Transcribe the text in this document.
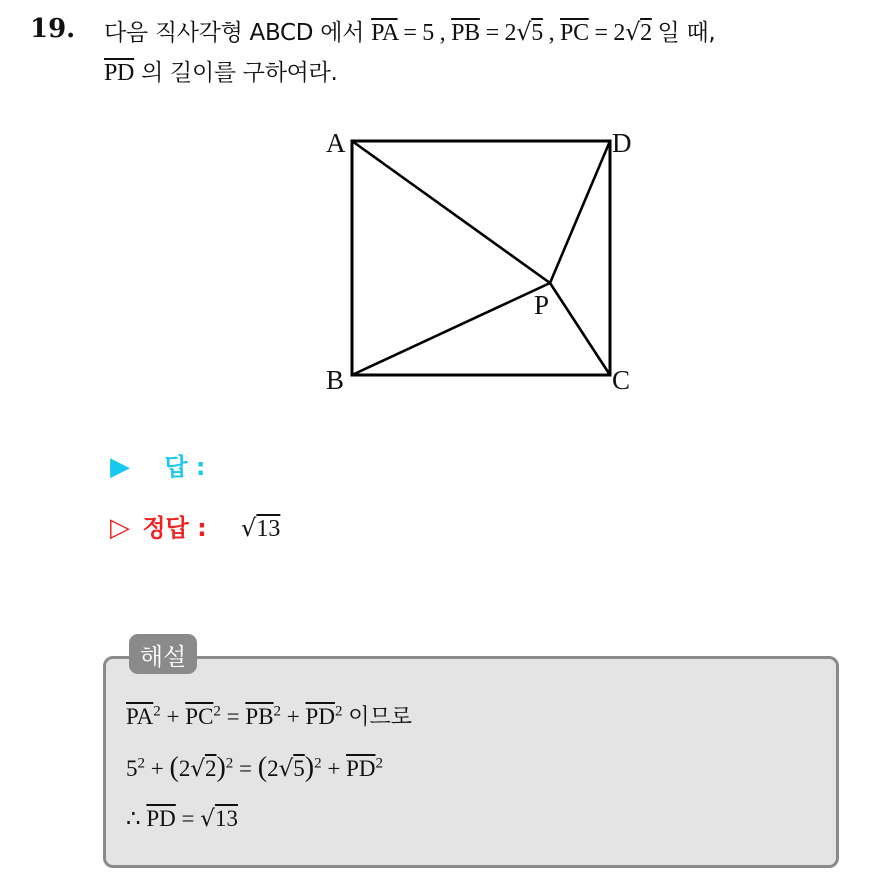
19. 다음 직사각형 ABCD 에서 $\overline{PA} = 5$ , $\overline{PB} = 2√5$ , $\overline{PC} = 2√2$ 일 때,
$\overline{PD}$ 의 길이를 구하여라.
A
B	C
D
P
▶ 답 :
▷ 정답 : √13
해설
$\overline{PA}^2 + \overline{PC}^2 = \overline{PB}^2 + \overline{PD}^2$ 이므로
$5^2 + (2√2)^2 = (2√5)^2 + \overline{PD}^2$
∴ $\overline{PD} = √13$
